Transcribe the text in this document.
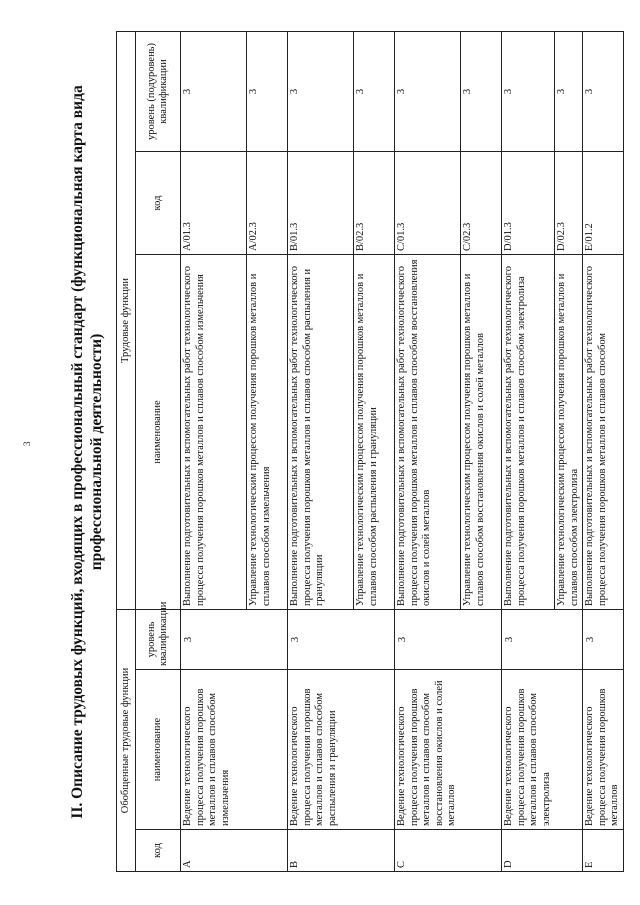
3 II. Описание трудовых функций, входящих в профессиональный стандарт (функциональная карта вида профессиональной деятельности)
Обобщенные трудовые функции			Трудовые функции		
код	наименование	уровень квалификации	наименование	код	уровень (подуровень) квалификации
A	Ведение технологического процесса получения порошков металлов и сплавов способом измельчения	3	Выполнение подготовительных и вспомогательных работ технологического процесса получения порошков металлов и сплавов способом измельчения	A/01.3	3
			Управление технологическим процессом получения порошков металлов и сплавов способом измельчения	A/02.3	3
B	Ведение технологического процесса получения порошков металлов и сплавов способом распыления и грануляции	3	Выполнение подготовительных и вспомогательных работ технологического процесса получения порошков металлов и сплавов способом распыления и грануляции	B/01.3	3
			Управление технологическим процессом получения порошков металлов и сплавов способом распыления и грануляции	B/02.3	3
C	Ведение технологического процесса получения порошков металлов и сплавов способом восстановления окислов и солей металлов	3	Выполнение подготовительных и вспомогательных работ технологического процесса получения порошков металлов и сплавов способом восстановления окислов и солей металлов	C/01.3	3
			Управление технологическим процессом получения порошков металлов и сплавов способом восстановления окислов и солей металлов	C/02.3	3
D	Ведение технологического процесса получения порошков металлов и сплавов способом электролиза	3	Выполнение подготовительных и вспомогательных работ технологического процесса получения порошков металлов и сплавов способом электролиза	D/01.3	3
			Управление технологическим процессом получения порошков металлов и сплавов способом электролиза	D/02.3	3
E	Ведение технологического процесса получения порошков металлов	3	Выполнение подготовительных и вспомогательных работ технологического процесса получения порошков металлов и сплавов способом	E/01.2	3
